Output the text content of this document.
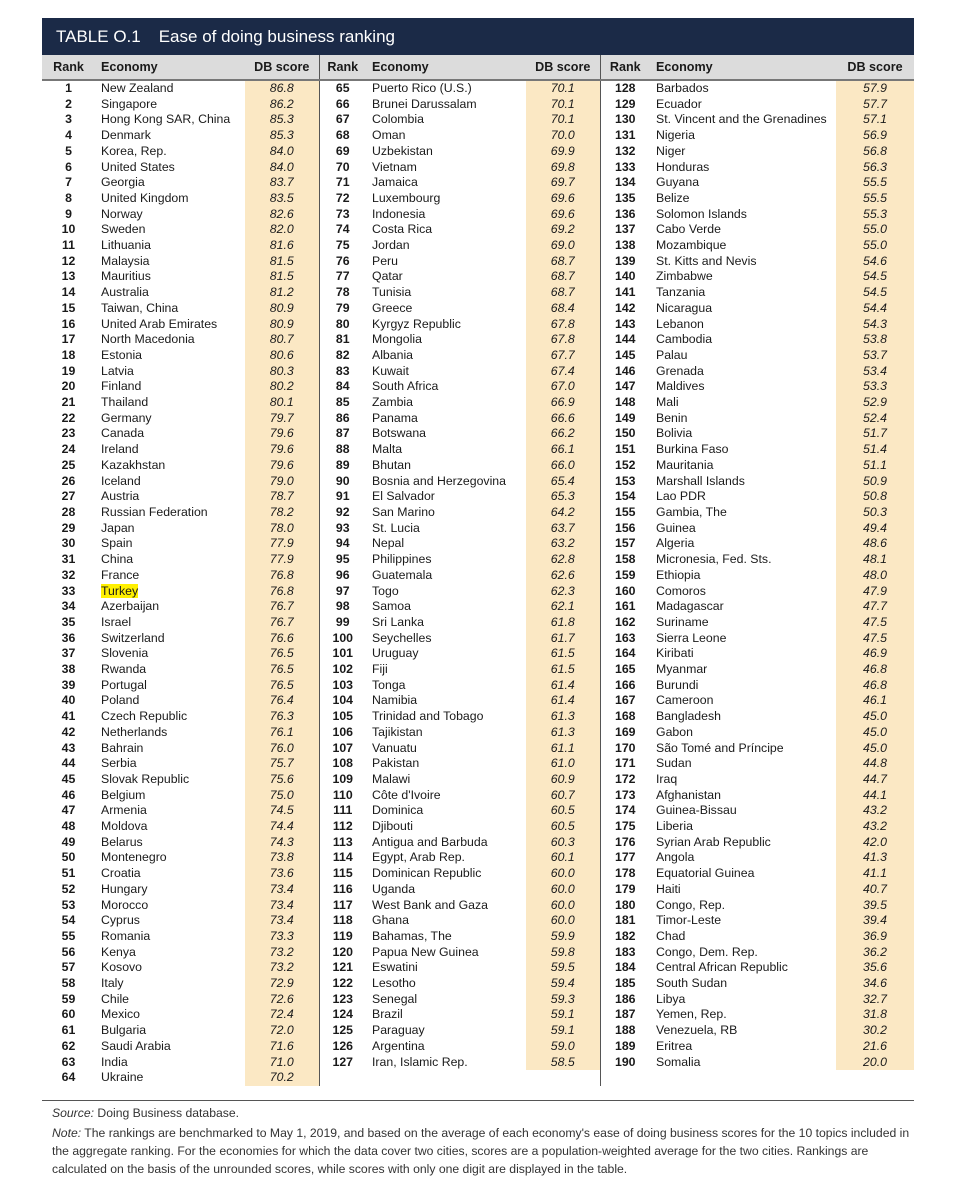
TABLE O.1 Ease of doing business ranking
Rank	Economy	DB score	Rank	Economy	DB score	Rank	Economy	DB score
1	New Zealand	86.8	65	Puerto Rico (U.S.)	70.1	128	Barbados	57.9
2	Singapore	86.2	66	Brunei Darussalam	70.1	129	Ecuador	57.7
3	Hong Kong SAR, China	85.3	67	Colombia	70.1	130	St. Vincent and the Grenadines	57.1
4	Denmark	85.3	68	Oman	70.0	131	Nigeria	56.9
5	Korea, Rep.	84.0	69	Uzbekistan	69.9	132	Niger	56.8
6	United States	84.0	70	Vietnam	69.8	133	Honduras	56.3
7	Georgia	83.7	71	Jamaica	69.7	134	Guyana	55.5
8	United Kingdom	83.5	72	Luxembourg	69.6	135	Belize	55.5
9	Norway	82.6	73	Indonesia	69.6	136	Solomon Islands	55.3
10	Sweden	82.0	74	Costa Rica	69.2	137	Cabo Verde	55.0
11	Lithuania	81.6	75	Jordan	69.0	138	Mozambique	55.0
12	Malaysia	81.5	76	Peru	68.7	139	St. Kitts and Nevis	54.6
13	Mauritius	81.5	77	Qatar	68.7	140	Zimbabwe	54.5
14	Australia	81.2	78	Tunisia	68.7	141	Tanzania	54.5
15	Taiwan, China	80.9	79	Greece	68.4	142	Nicaragua	54.4
16	United Arab Emirates	80.9	80	Kyrgyz Republic	67.8	143	Lebanon	54.3
17	North Macedonia	80.7	81	Mongolia	67.8	144	Cambodia	53.8
18	Estonia	80.6	82	Albania	67.7	145	Palau	53.7
19	Latvia	80.3	83	Kuwait	67.4	146	Grenada	53.4
20	Finland	80.2	84	South Africa	67.0	147	Maldives	53.3
21	Thailand	80.1	85	Zambia	66.9	148	Mali	52.9
22	Germany	79.7	86	Panama	66.6	149	Benin	52.4
23	Canada	79.6	87	Botswana	66.2	150	Bolivia	51.7
24	Ireland	79.6	88	Malta	66.1	151	Burkina Faso	51.4
25	Kazakhstan	79.6	89	Bhutan	66.0	152	Mauritania	51.1
26	Iceland	79.0	90	Bosnia and Herzegovina	65.4	153	Marshall Islands	50.9
27	Austria	78.7	91	El Salvador	65.3	154	Lao PDR	50.8
28	Russian Federation	78.2	92	San Marino	64.2	155	Gambia, The	50.3
29	Japan	78.0	93	St. Lucia	63.7	156	Guinea	49.4
30	Spain	77.9	94	Nepal	63.2	157	Algeria	48.6
31	China	77.9	95	Philippines	62.8	158	Micronesia, Fed. Sts.	48.1
32	France	76.8	96	Guatemala	62.6	159	Ethiopia	48.0
33	Turkey	76.8	97	Togo	62.3	160	Comoros	47.9
34	Azerbaijan	76.7	98	Samoa	62.1	161	Madagascar	47.7
35	Israel	76.7	99	Sri Lanka	61.8	162	Suriname	47.5
36	Switzerland	76.6	100	Seychelles	61.7	163	Sierra Leone	47.5
37	Slovenia	76.5	101	Uruguay	61.5	164	Kiribati	46.9
38	Rwanda	76.5	102	Fiji	61.5	165	Myanmar	46.8
39	Portugal	76.5	103	Tonga	61.4	166	Burundi	46.8
40	Poland	76.4	104	Namibia	61.4	167	Cameroon	46.1
41	Czech Republic	76.3	105	Trinidad and Tobago	61.3	168	Bangladesh	45.0
42	Netherlands	76.1	106	Tajikistan	61.3	169	Gabon	45.0
43	Bahrain	76.0	107	Vanuatu	61.1	170	São Tomé and Príncipe	45.0
44	Serbia	75.7	108	Pakistan	61.0	171	Sudan	44.8
45	Slovak Republic	75.6	109	Malawi	60.9	172	Iraq	44.7
46	Belgium	75.0	110	Côte d'Ivoire	60.7	173	Afghanistan	44.1
47	Armenia	74.5	111	Dominica	60.5	174	Guinea-Bissau	43.2
48	Moldova	74.4	112	Djibouti	60.5	175	Liberia	43.2
49	Belarus	74.3	113	Antigua and Barbuda	60.3	176	Syrian Arab Republic	42.0
50	Montenegro	73.8	114	Egypt, Arab Rep.	60.1	177	Angola	41.3
51	Croatia	73.6	115	Dominican Republic	60.0	178	Equatorial Guinea	41.1
52	Hungary	73.4	116	Uganda	60.0	179	Haiti	40.7
53	Morocco	73.4	117	West Bank and Gaza	60.0	180	Congo, Rep.	39.5
54	Cyprus	73.4	118	Ghana	60.0	181	Timor-Leste	39.4
55	Romania	73.3	119	Bahamas, The	59.9	182	Chad	36.9
56	Kenya	73.2	120	Papua New Guinea	59.8	183	Congo, Dem. Rep.	36.2
57	Kosovo	73.2	121	Eswatini	59.5	184	Central African Republic	35.6
58	Italy	72.9	122	Lesotho	59.4	185	South Sudan	34.6
59	Chile	72.6	123	Senegal	59.3	186	Libya	32.7
60	Mexico	72.4	124	Brazil	59.1	187	Yemen, Rep.	31.8
61	Bulgaria	72.0	125	Paraguay	59.1	188	Venezuela, RB	30.2
62	Saudi Arabia	71.6	126	Argentina	59.0	189	Eritrea	21.6
63	India	71.0	127	Iran, Islamic Rep.	58.5	190	Somalia	20.0
64	Ukraine	70.2						

Source: Doing Business database.

Note: The rankings are benchmarked to May 1, 2019, and based on the average of each economy's ease of doing business scores for the 10 topics included in the aggregate ranking. For the economies for which the data cover two cities, scores are a population-weighted average for the two cities. Rankings are calculated on the basis of the unrounded scores, while scores with only one digit are displayed in the table.
